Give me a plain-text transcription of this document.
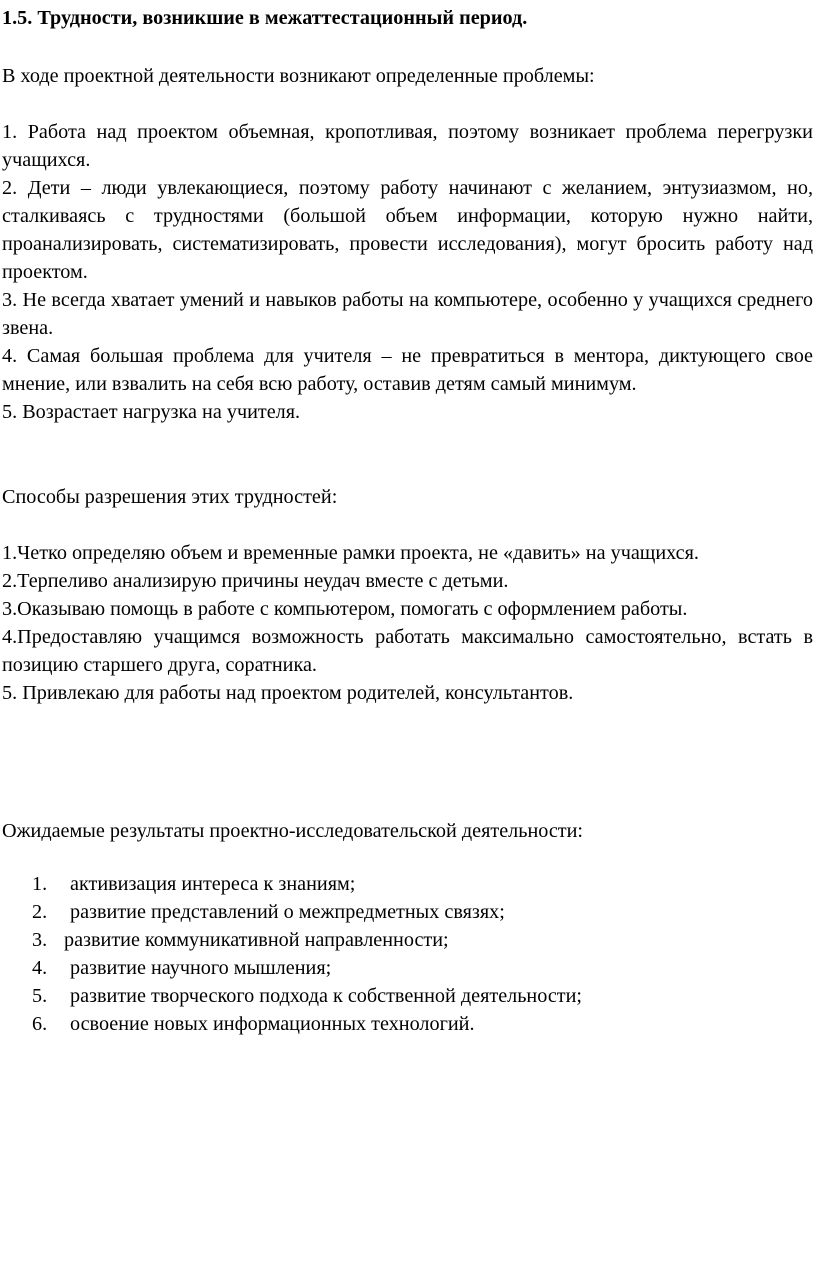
1.5. Трудности, возникшие в межаттестационный период.
В ходе проектной деятельности возникают определенные проблемы:

1. Работа над проектом объемная, кропотливая, поэтому возникает проблема перегрузки учащихся.

2. Дети – люди увлекающиеся, поэтому работу начинают с желанием, энтузиазмом, но, сталкиваясь с трудностями (большой объем информации, которую нужно найти, проанализировать, систематизировать, провести исследования), могут бросить работу над проектом.

3. Не всегда хватает умений и навыков работы на компьютере, особенно у учащихся среднего звена.

4. Самая большая проблема для учителя – не превратиться в ментора, диктующего свое мнение, или взвалить на себя всю работу, оставив детям самый минимум.

5. Возрастает нагрузка на учителя.

Способы разрешения этих трудностей:

1.Четко определяю объем и временные рамки проекта, не «давить» на учащихся.

2.Терпеливо анализирую причины неудач вместе с детьми.

3.Оказываю помощь в работе с компьютером, помогать с оформлением работы.

4.Предоставляю учащимся возможность работать максимально самостоятельно, встать в позицию старшего друга, соратника.

5. Привлекаю для работы над проектом родителей, консультантов.

Ожидаемые результаты проектно-исследовательской деятельности:
1.	активизация интереса к знаниям;
2.	развитие представлений о межпредметных связях;
3. развитие коммуникативной направленности;
4.	развитие научного мышления;
5.	развитие творческого подхода к собственной деятельности;
6.	освоение новых информационных технологий.
